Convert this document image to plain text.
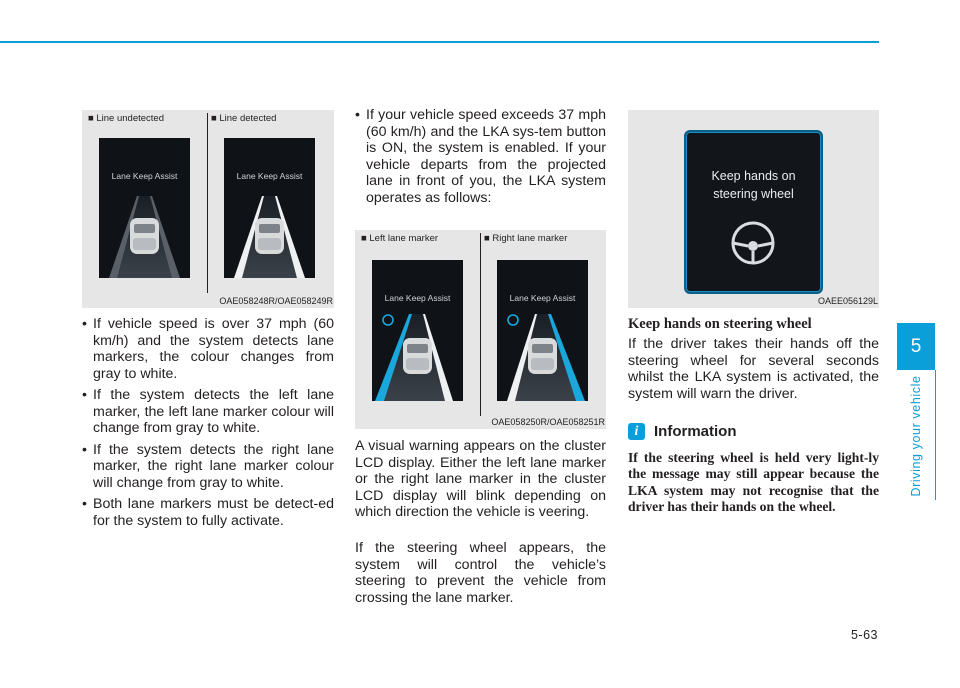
■ Line undetected	■ Line detected
Lane Keep Assist	Lane Keep Assist
OAE058248R/OAE058249R
• If vehicle speed is over 37 mph (60 km/h) and the system detects lane markers, the colour changes from gray to white.
• If the system detects the left lane marker, the left lane marker colour will change from gray to white.
• If the system detects the right lane marker, the right lane marker colour will change from gray to white.
• Both lane markers must be detect-ed for the system to fully activate.
• If your vehicle speed exceeds 37 mph (60 km/h) and the LKA sys-tem button is ON, the system is enabled. If your vehicle departs from the projected lane in front of you, the LKA system operates as follows:
■ Left lane marker	■ Right lane marker
Lane Keep Assist	Lane Keep Assist
OAE058250R/OAE058251R

A visual warning appears on the cluster LCD display. Either the left lane marker or the right lane marker in the cluster LCD display will blink depending on which direction the vehicle is veering.

If the steering wheel appears, the system will control the vehicle’s steering to prevent the vehicle from crossing the lane marker.

Keep hands on
steering wheel
OAEE056129L
Keep hands on steering wheel

If the driver takes their hands off the steering wheel for several seconds whilst the LKA system is activated, the system will warn the driver.

i	Information

If the steering wheel is held very light-ly the message may still appear because the LKA system may not recognise that the driver has their hands on the wheel.

5
Driving your vehicle
5-63
